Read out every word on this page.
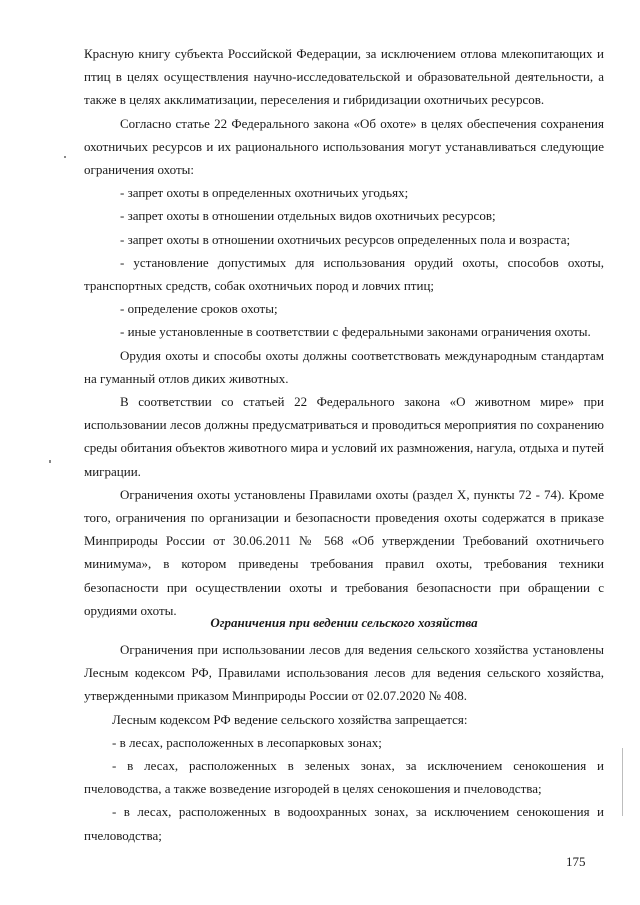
Красную книгу субъекта Российской Федерации, за исключением отлова млекопитающих и птиц в целях осуществления научно-исследовательской и образовательной деятельности, а также в целях акклиматизации, переселения и гибридизации охотничьих ресурсов.

Согласно статье 22 Федерального закона «Об охоте» в целях обеспечения сохранения охотничьих ресурсов и их рационального использования могут устанавливаться следующие ограничения охоты:

- запрет охоты в определенных охотничьих угодьях;

- запрет охоты в отношении отдельных видов охотничьих ресурсов;

- запрет охоты в отношении охотничьих ресурсов определенных пола и возраста;

- установление допустимых для использования орудий охоты, способов охоты, транспортных средств, собак охотничьих пород и ловчих птиц;

- определение сроков охоты;

- иные установленные в соответствии с федеральными законами ограничения охоты.

Орудия охоты и способы охоты должны соответствовать международным стандартам на гуманный отлов диких животных.

В соответствии со статьей 22 Федерального закона «О животном мире» при использовании лесов должны предусматриваться и проводиться мероприятия по сохранению среды обитания объектов животного мира и условий их размножения, нагула, отдыха и путей миграции.

Ограничения охоты установлены Правилами охоты (раздел X, пункты 72 - 74). Кроме того, ограничения по организации и безопасности проведения охоты содержатся в приказе Минприроды России от 30.06.2011 № 568 «Об утверждении Требований охотничьего минимума», в котором приведены требования правил охоты, требования техники безопасности при осуществлении охоты и требования безопасности при обращении с орудиями охоты.

Ограничения при ведении сельского хозяйства

Ограничения при использовании лесов для ведения сельского хозяйства установлены Лесным кодексом РФ, Правилами использования лесов для ведения сельского хозяйства, утвержденными приказом Минприроды России от 02.07.2020 № 408.

Лесным кодексом РФ ведение сельского хозяйства запрещается:

- в лесах, расположенных в лесопарковых зонах;

- в лесах, расположенных в зеленых зонах, за исключением сенокошения и пчеловодства, а также возведение изгородей в целях сенокошения и пчеловодства;

- в лесах, расположенных в водоохранных зонах, за исключением сенокошения и пчеловодства;

175
